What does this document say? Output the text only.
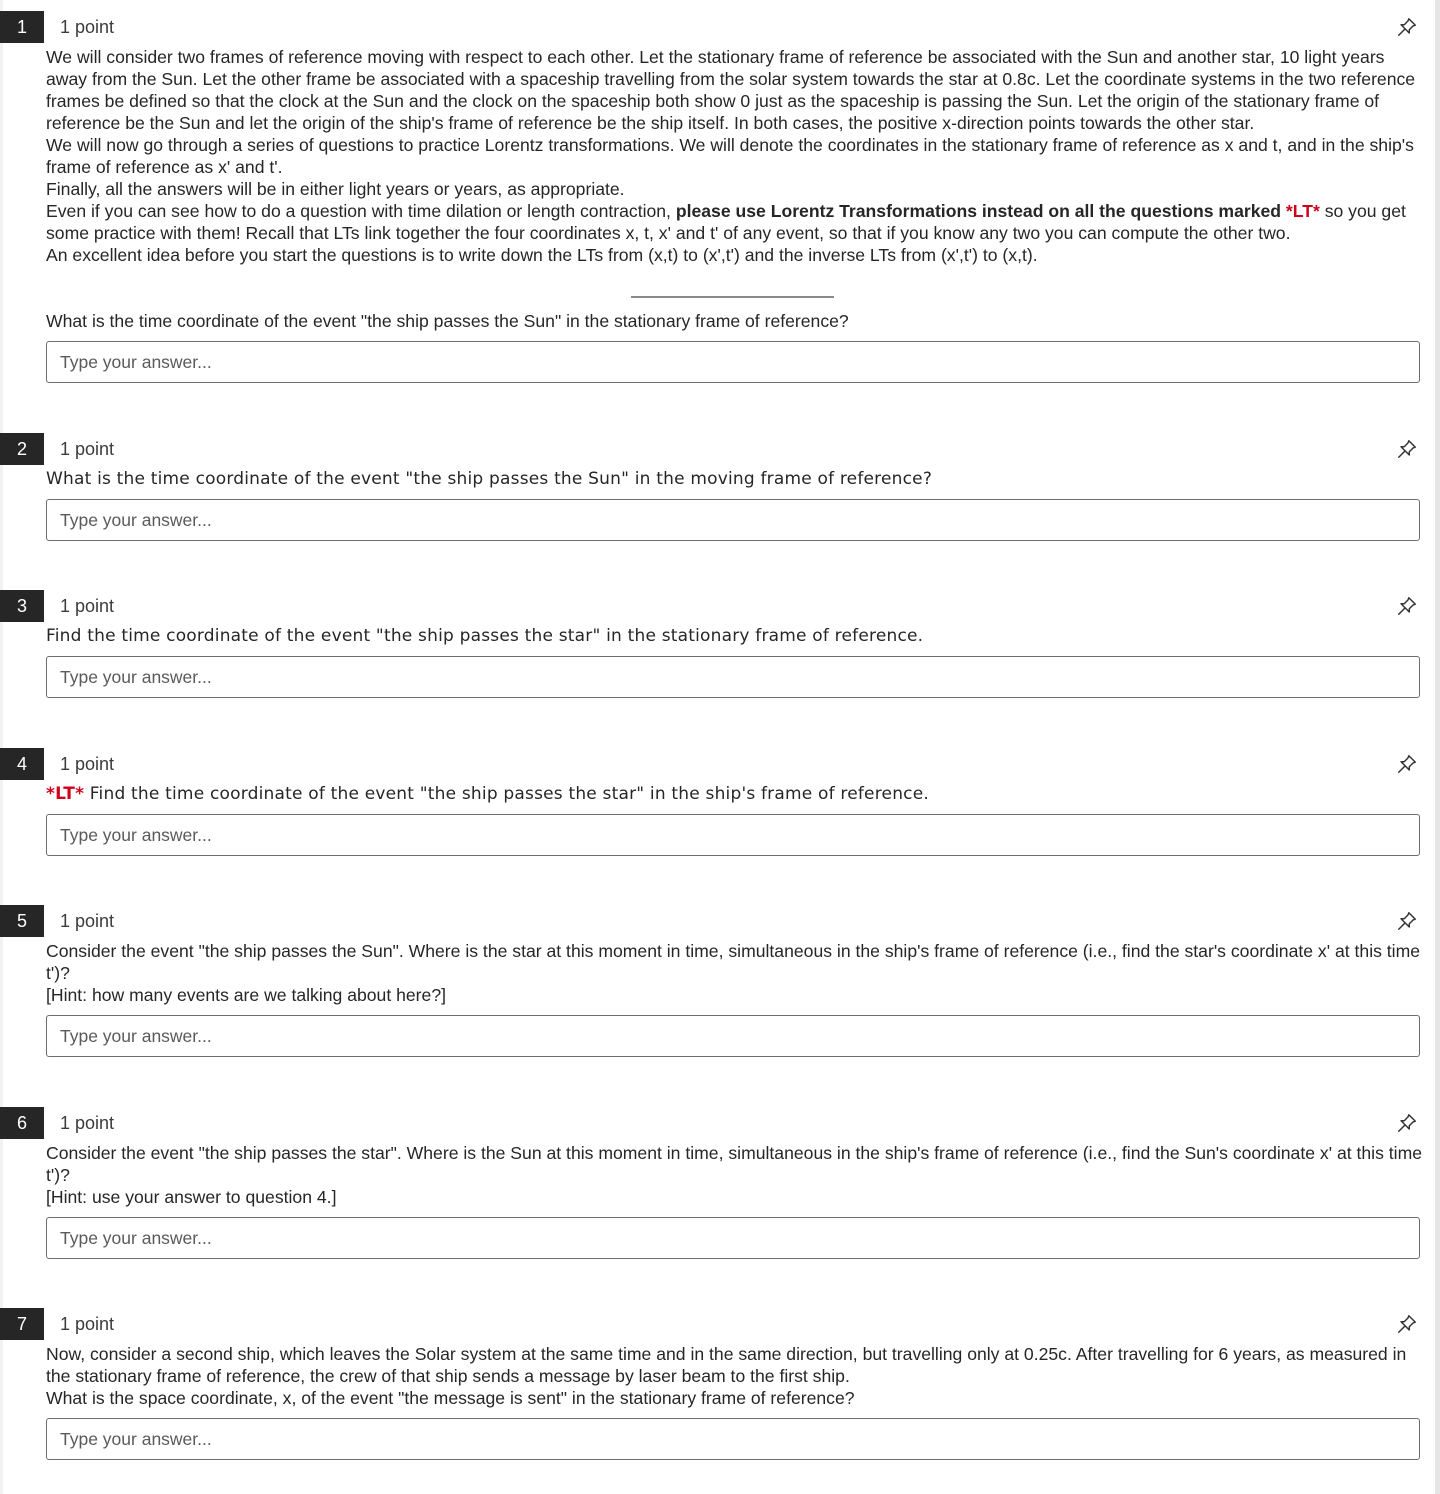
1	1 point

We will consider two frames of reference moving with respect to each other. Let the stationary frame of reference be associated with the Sun and another star, 10 light years away from the Sun. Let the other frame be associated with a spaceship travelling from the solar system towards the star at 0.8c. Let the coordinate systems in the two reference frames be defined so that the clock at the Sun and the clock on the spaceship both show 0 just as the spaceship is passing the Sun. Let the origin of the stationary frame of reference be the Sun and let the origin of the ship's frame of reference be the ship itself. In both cases, the positive x-direction points towards the other star.

We will now go through a series of questions to practice Lorentz transformations. We will denote the coordinates in the stationary frame of reference as x and t, and in the ship's frame of reference as x' and t'.

Finally, all the answers will be in either light years or years, as appropriate.

Even if you can see how to do a question with time dilation or length contraction, please use Lorentz Transformations instead on all the questions marked *LT* so you get some practice with them! Recall that LTs link together the four coordinates x, t, x' and t' of any event, so that if you know any two you can compute the other two.

An excellent idea before you start the questions is to write down the LTs from (x,t) to (x',t') and the inverse LTs from (x',t') to (x,t).

What is the time coordinate of the event "the ship passes the Sun" in the stationary frame of reference?

Type your answer...
2	1 point

What is the time coordinate of the event "the ship passes the Sun" in the moving frame of reference?

Type your answer...
3	1 point

Find the time coordinate of the event "the ship passes the star" in the stationary frame of reference.

Type your answer...
4	1 point

*LT* Find the time coordinate of the event "the ship passes the star" in the ship's frame of reference.

Type your answer...
5	1 point

Consider the event "the ship passes the Sun". Where is the star at this moment in time, simultaneous in the ship's frame of reference (i.e., find the star's coordinate x' at this time t')?

[Hint: how many events are we talking about here?]

Type your answer...
6	1 point

Consider the event "the ship passes the star". Where is the Sun at this moment in time, simultaneous in the ship's frame of reference (i.e., find the Sun's coordinate x' at this time t')?

[Hint: use your answer to question 4.]

Type your answer...
7	1 point

Now, consider a second ship, which leaves the Solar system at the same time and in the same direction, but travelling only at 0.25c. After travelling for 6 years, as measured in the stationary frame of reference, the crew of that ship sends a message by laser beam to the first ship.

What is the space coordinate, x, of the event "the message is sent" in the stationary frame of reference?

Type your answer...
